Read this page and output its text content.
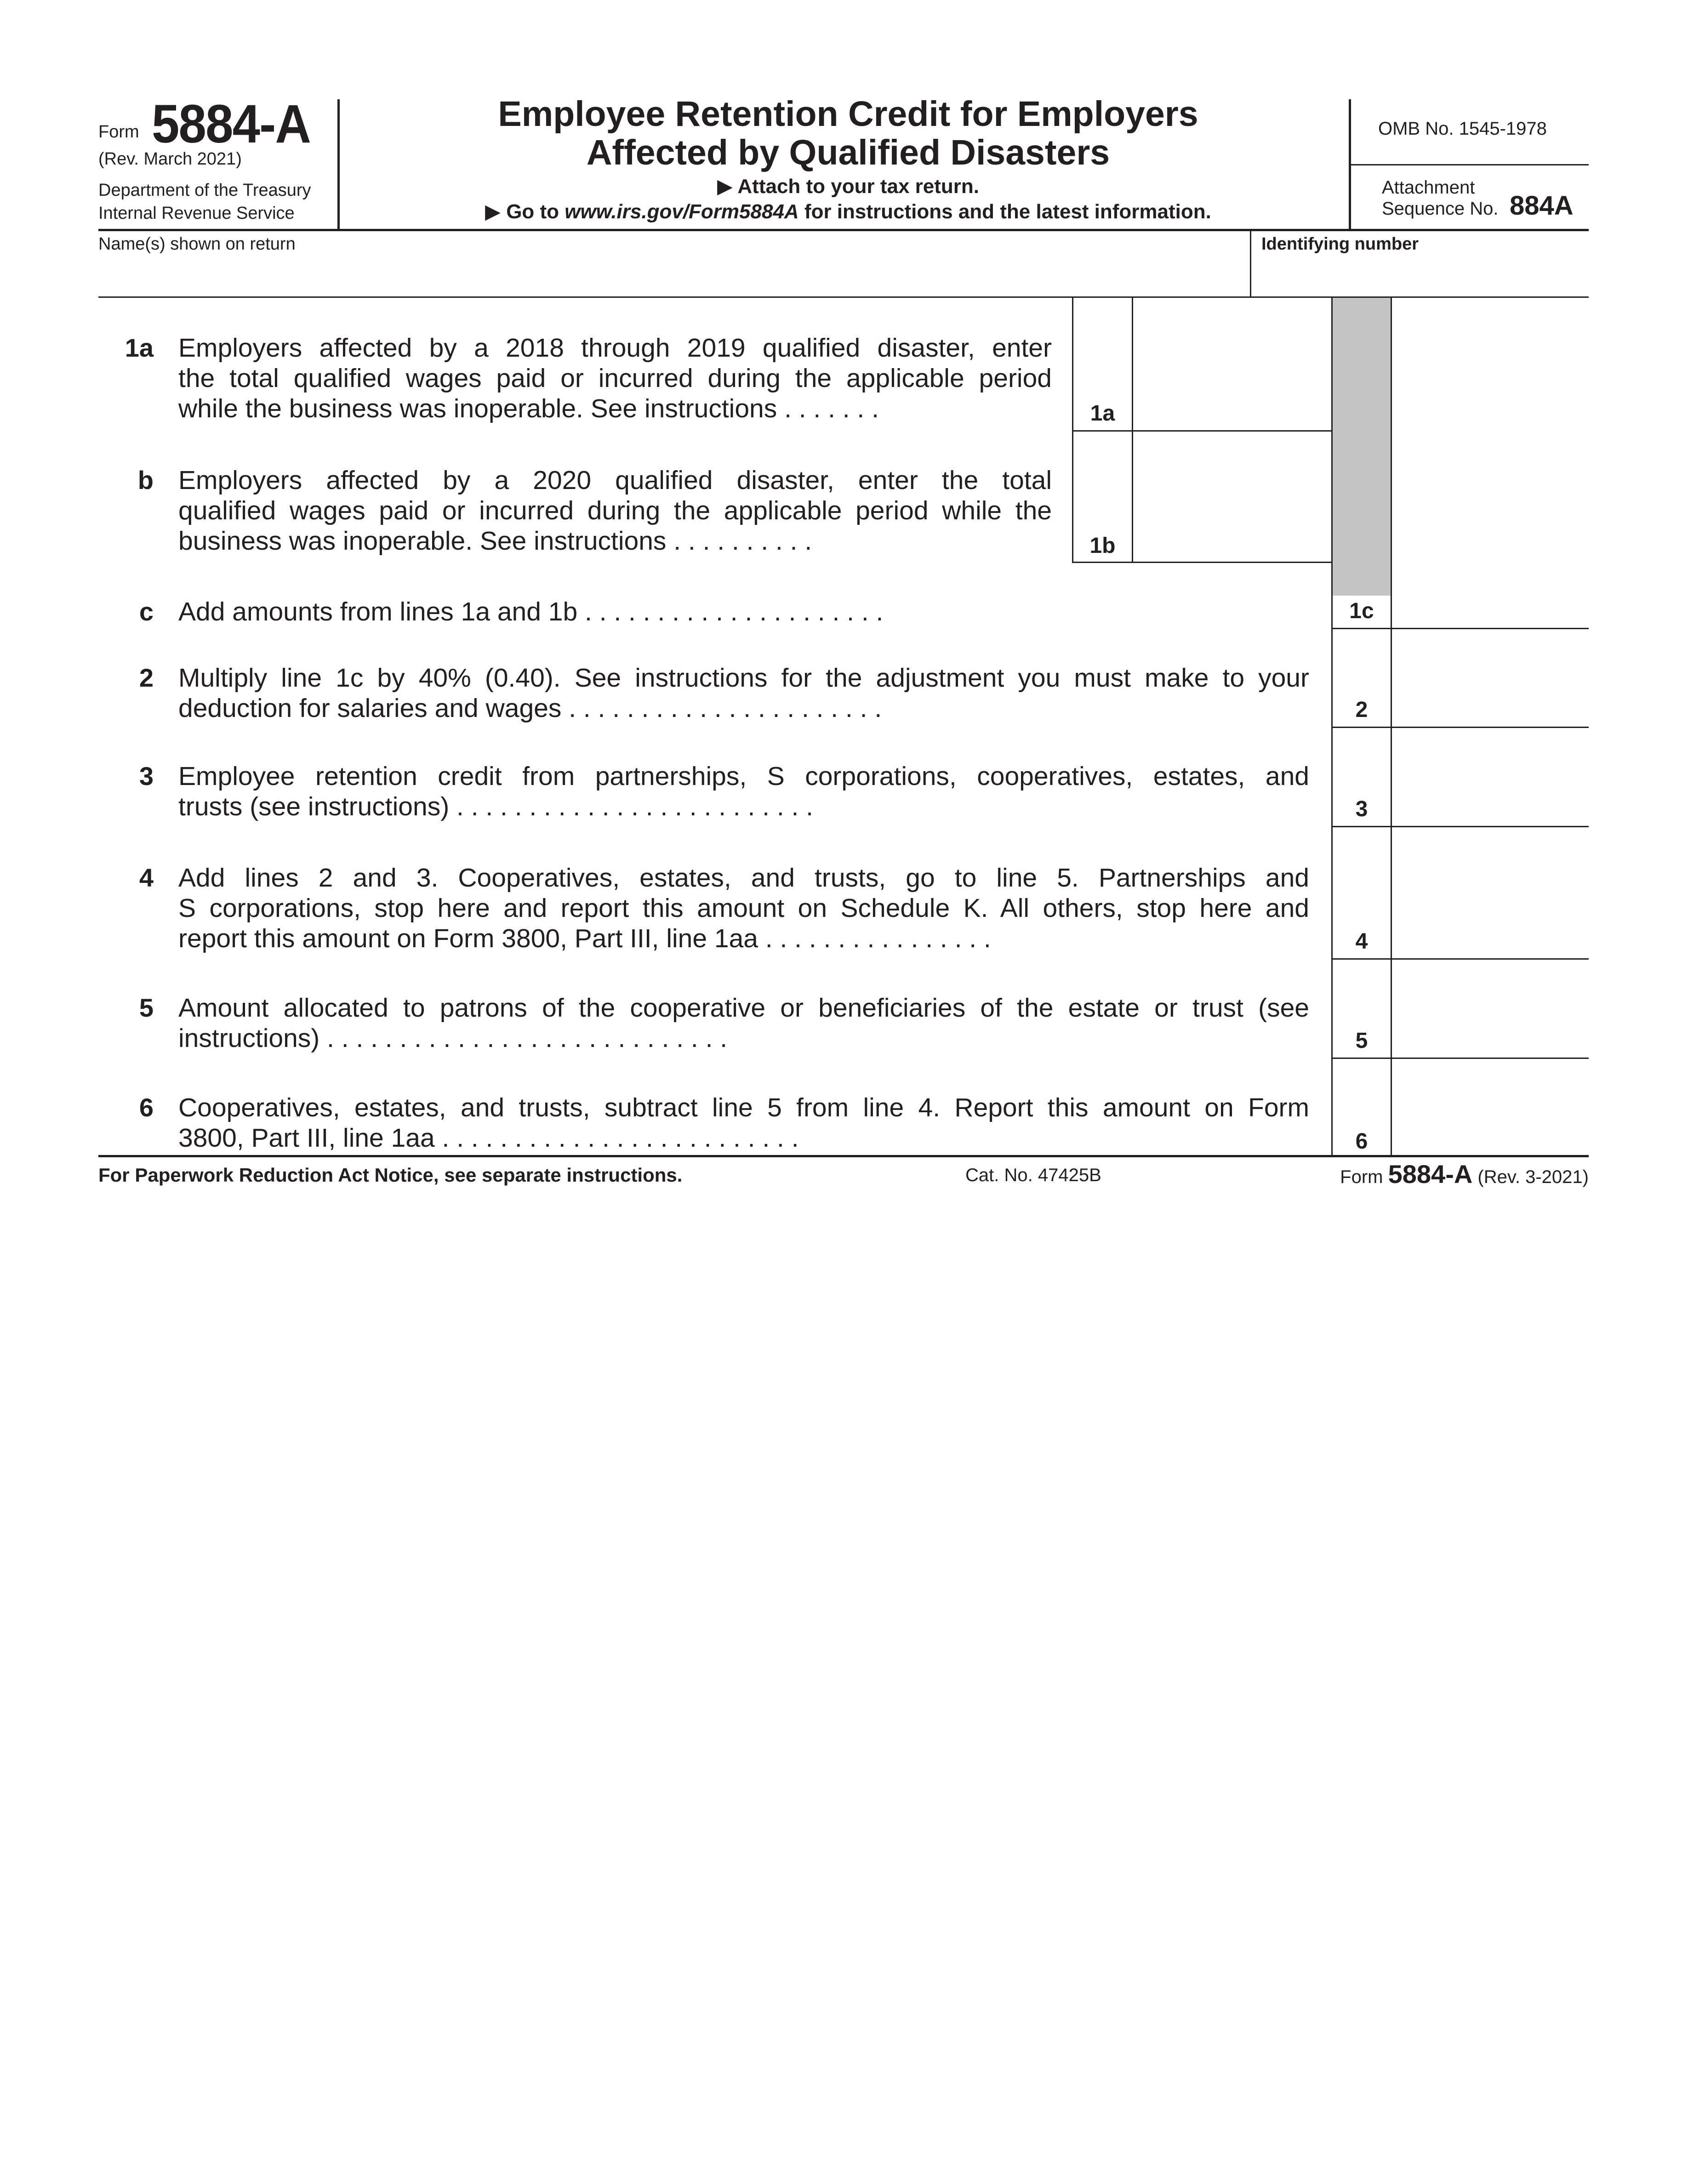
Form 5884-A
(Rev. March 2021)
Department of the Treasury
Internal Revenue Service
Employee Retention Credit for Employers
Affected by Qualified Disasters
▶ Attach to your tax return.
▶ Go to www.irs.gov/Form5884A for instructions and the latest information.
OMB No. 1545-1978
Attachment
Sequence No. 884A
Name(s) shown on return	Identifying number
1a Employers affected by a 2018 through 2019 qualified disaster, enter
the total qualified wages paid or incurred during the applicable period
while the business was inoperable. See instructions . . . . . . .	1a
b Employers affected by a 2020 qualified disaster, enter the total
qualified wages paid or incurred during the applicable period while the
business was inoperable. See instructions . . . . . . . . . .	1b
c Add amounts from lines 1a and 1b . . . . . . . . . . . . . . . . . . . . .	1c
2 Multiply line 1c by 40% (0.40). See instructions for the adjustment you must make to your
deduction for salaries and wages . . . . . . . . . . . . . . . . . . . . . .	2
3 Employee retention credit from partnerships, S corporations, cooperatives, estates, and
trusts (see instructions) . . . . . . . . . . . . . . . . . . . . . . . . .	3
4 Add lines 2 and 3. Cooperatives, estates, and trusts, go to line 5. Partnerships and
S corporations, stop here and report this amount on Schedule K. All others, stop here and
report this amount on Form 3800, Part III, line 1aa . . . . . . . . . . . . . . . .	4
5 Amount allocated to patrons of the cooperative or beneficiaries of the estate or trust (see
instructions) . . . . . . . . . . . . . . . . . . . . . . . . . . . .	5
6 Cooperatives, estates, and trusts, subtract line 5 from line 4. Report this amount on Form
3800, Part III, line 1aa . . . . . . . . . . . . . . . . . . . . . . . . .	6
For Paperwork Reduction Act Notice, see separate instructions.	Cat. No. 47425B	Form 5884-A (Rev. 3-2021)
